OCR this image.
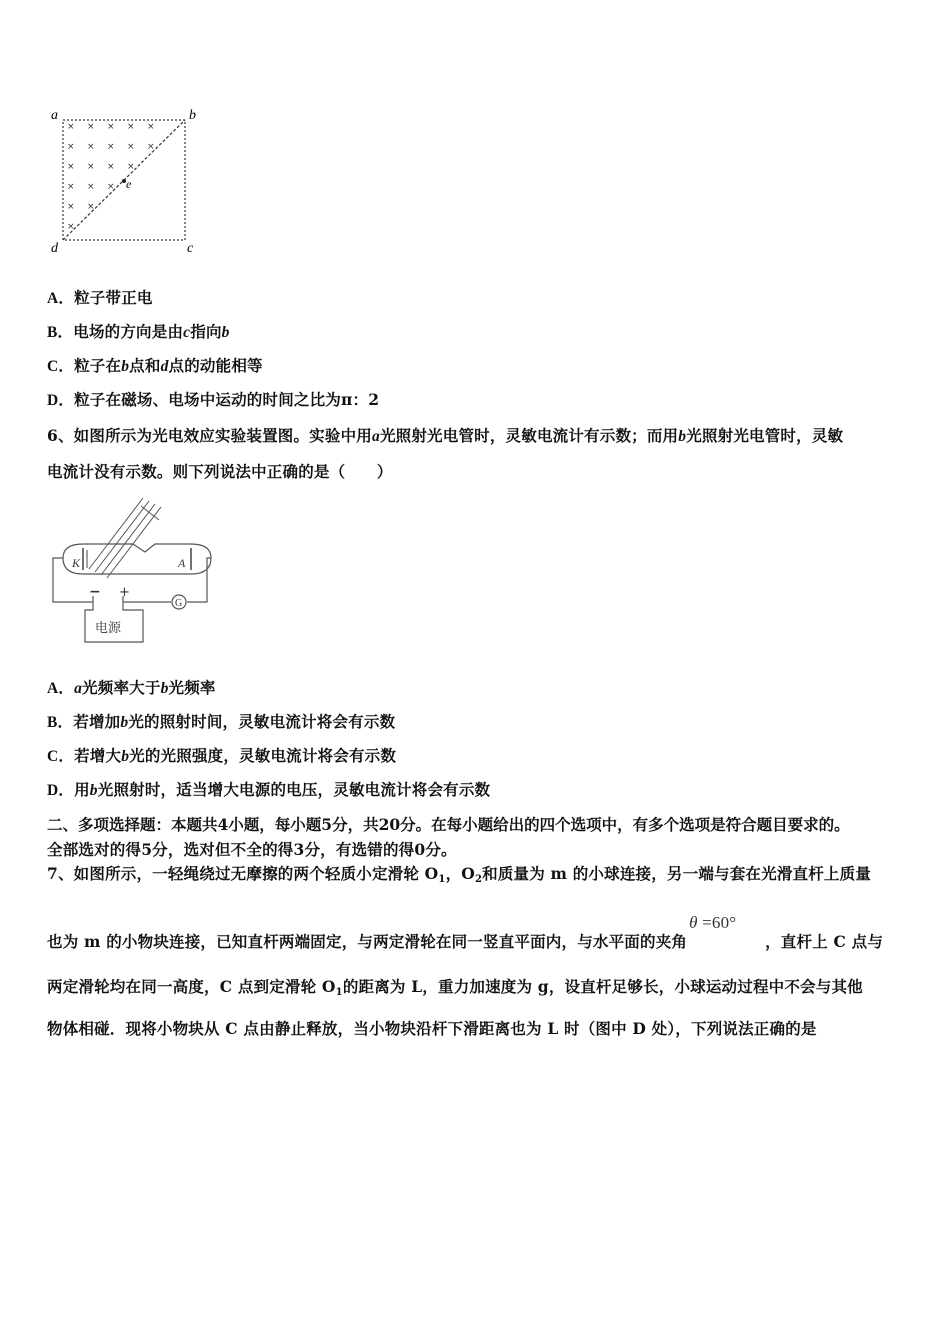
× × × × ×
× × × × ×
× × × ×
× × ×
× ×
×
a	b
c
d
e
A．粒子带正电
B．电场的方向是由c指向b
C．粒子在b点和d点的动能相等
D．粒子在磁场、电场中运动的时间之比为π：2
6、如图所示为光电效应实验装置图。实验中用a光照射光电管时，灵敏电流计有示数；而用b光照射光电管时，灵敏
电流计没有示数。则下列说法中正确的是（　　）
K	A
G
− +
电源
A．a光频率大于b光频率
B．若增加b光的照射时间，灵敏电流计将会有示数
C．若增大b光的光照强度，灵敏电流计将会有示数
D．用b光照射时，适当增大电源的电压，灵敏电流计将会有示数
二、多项选择题：本题共4小题，每小题5分，共20分。在每小题给出的四个选项中，有多个选项是符合题目要求的。
全部选对的得5分，选对但不全的得3分，有选错的得0分。
7、如图所示，一轻绳绕过无摩擦的两个轻质小定滑轮 $O_1$，$O_2$和质量为 m 的小球连接，另一端与套在光滑直杆上质量
也为 m 的小物块连接，已知直杆两端固定，与两定滑轮在同一竖直平面内，与水平面的夹角
θ =60°
，直杆上 C 点与
两定滑轮均在同一高度，C 点到定滑轮 $O_1$的距离为 L，重力加速度为 g，设直杆足够长，小球运动过程中不会与其他
物体相碰．现将小物块从 C 点由静止释放，当小物块沿杆下滑距离也为 L 时（图中 D 处），下列说法正确的是
